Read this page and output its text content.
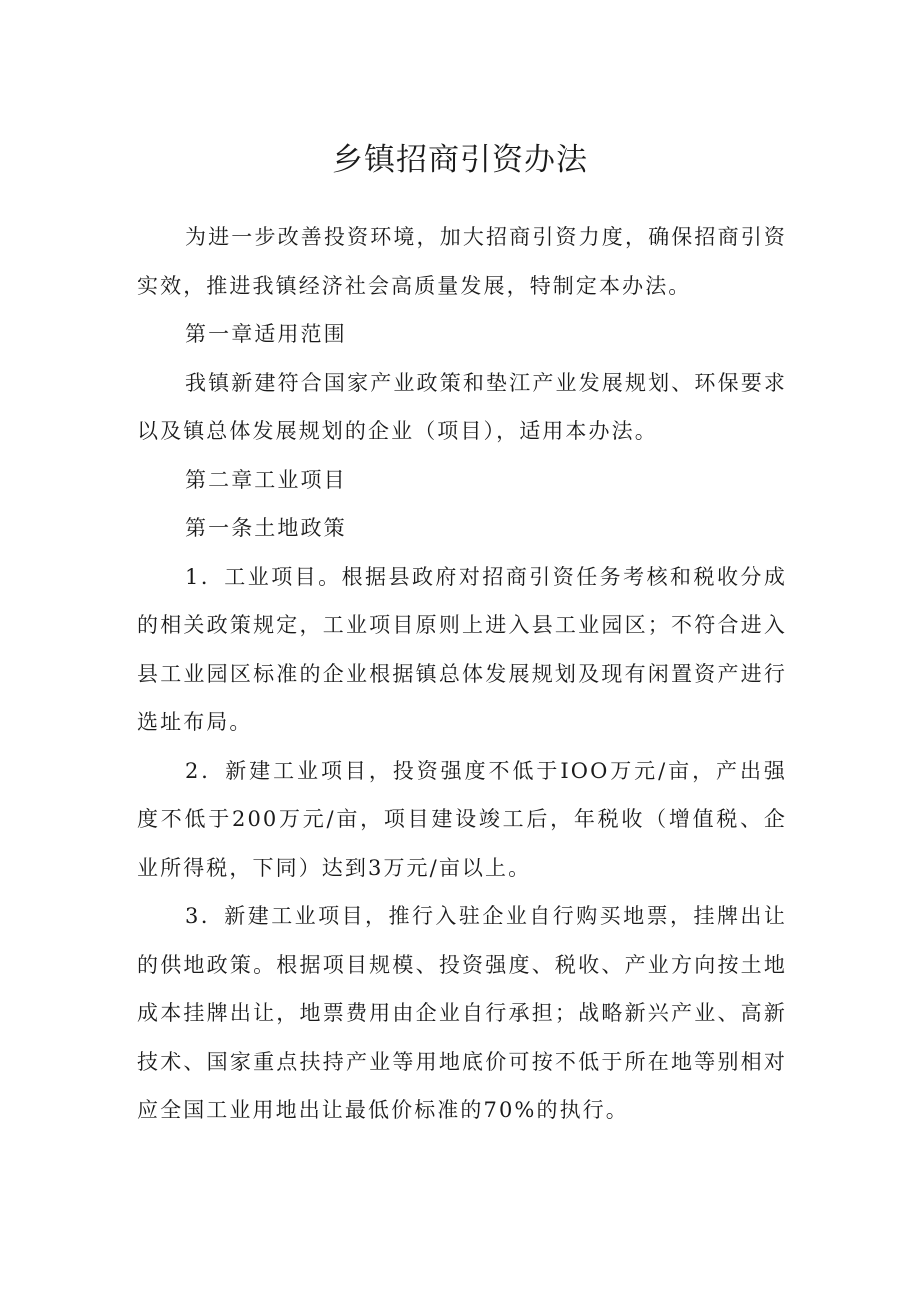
乡镇招商引资办法

为进一步改善投资环境，加大招商引资力度，确保招商引资实效，推进我镇经济社会高质量发展，特制定本办法。

第一章适用范围

我镇新建符合国家产业政策和垫江产业发展规划、环保要求以及镇总体发展规划的企业（项目），适用本办法。

第二章工业项目

第一条土地政策

1．工业项目。根据县政府对招商引资任务考核和税收分成的相关政策规定，工业项目原则上进入县工业园区；不符合进入县工业园区标准的企业根据镇总体发展规划及现有闲置资产进行选址布局。

2．新建工业项目，投资强度不低于IOO万元/亩，产出强度不低于200万元/亩，项目建设竣工后，年税收（增值税、企业所得税，下同）达到3万元/亩以上。

3．新建工业项目，推行入驻企业自行购买地票，挂牌出让的供地政策。根据项目规模、投资强度、税收、产业方向按土地成本挂牌出让，地票费用由企业自行承担；战略新兴产业、高新技术、国家重点扶持产业等用地底价可按不低于所在地等别相对应全国工业用地出让最低价标准的70%的执行。
